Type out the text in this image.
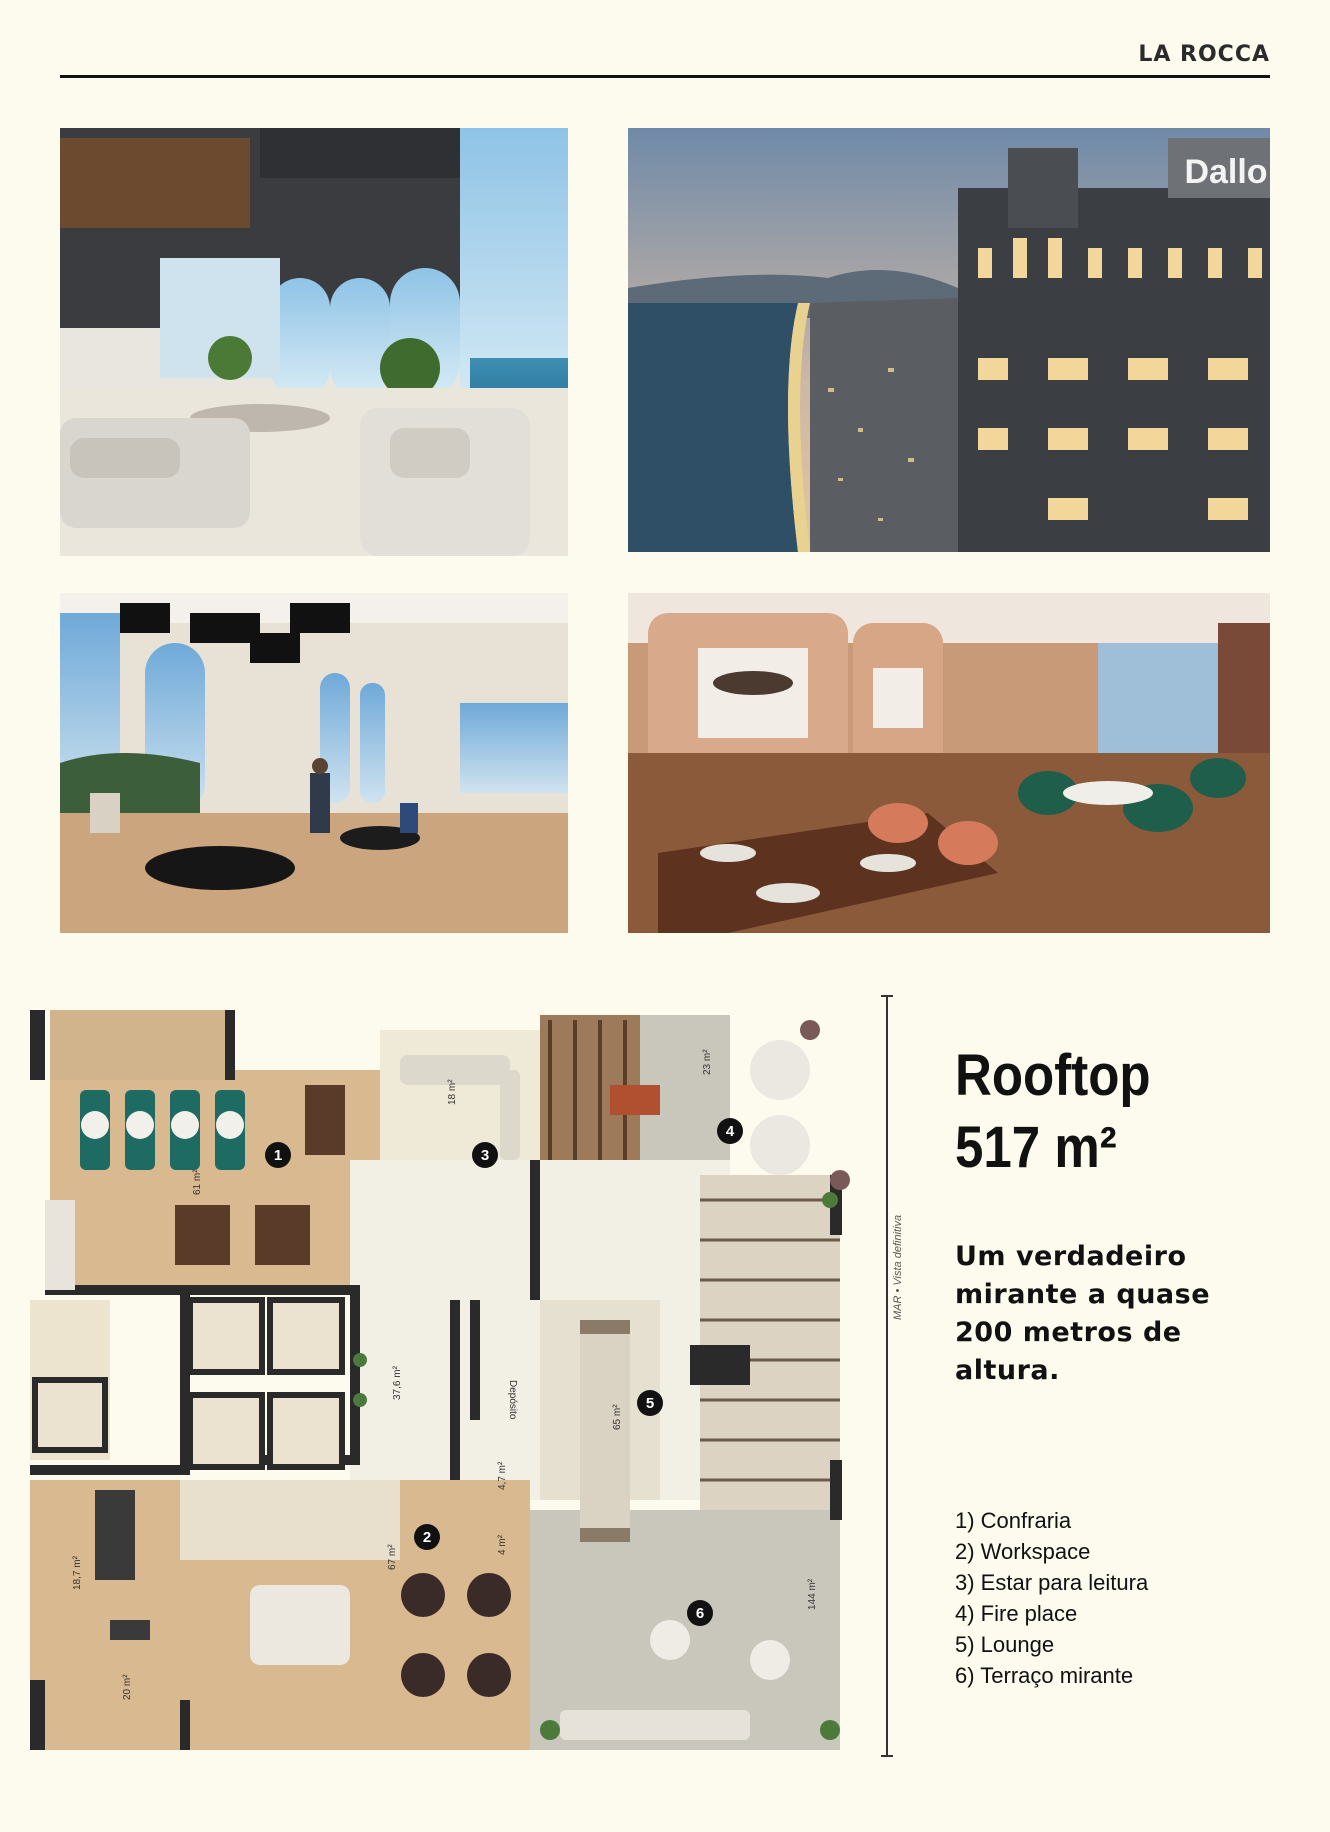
LA ROCCA
Dallo
61 m²
18 m²
23 m²
37,6 m²
65 m²
67 m²
18,7 m²
20 m²
4,7 m²
4 m²
144 m²
Depósito
1
2
3
4
5
6
MAR • Vista definitiva
Rooftop
517 m²
Um verdadeiro mirante a quase 200 metros de altura.
1) Confraria
2) Workspace
3) Estar para leitura
4) Fire place
5) Lounge
6) Terraço mirante
